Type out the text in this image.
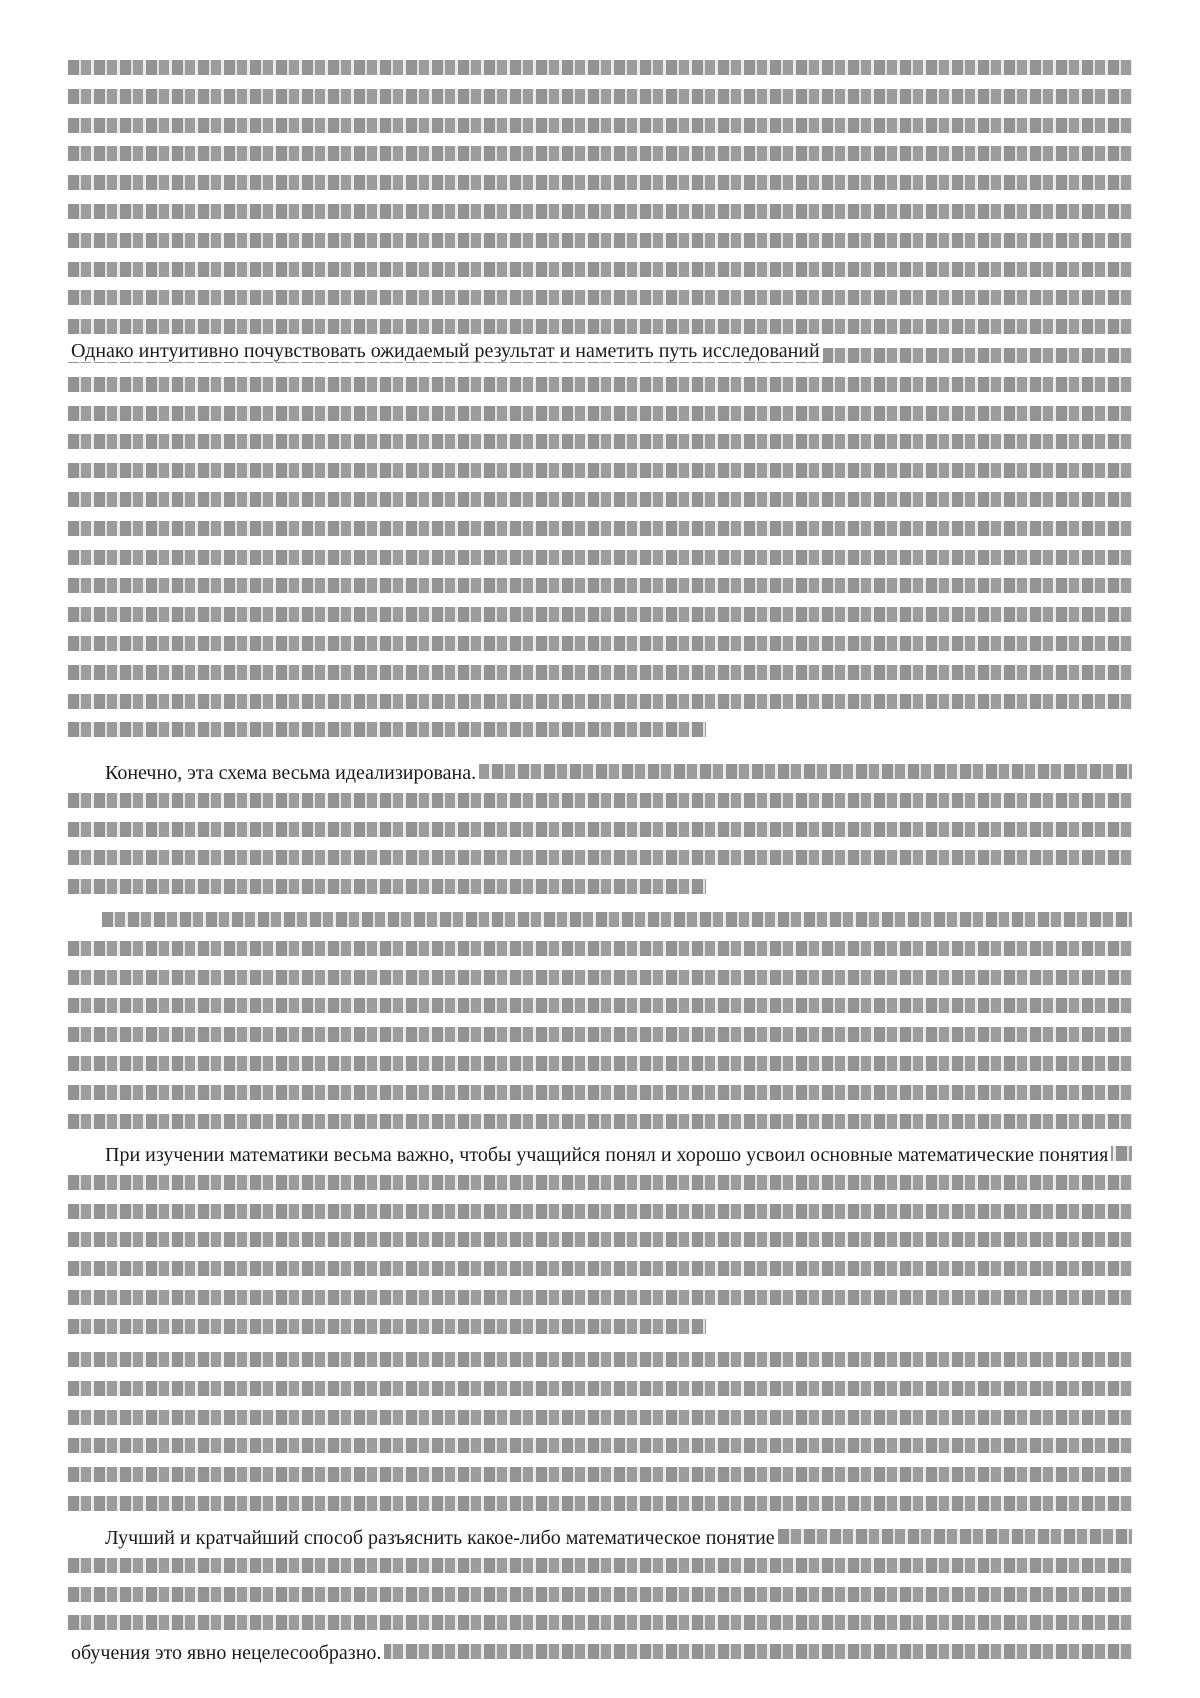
Однако интуитивно почувствовать ожидаемый результат и наметить путь исследований
Конечно, эта схема весьма идеализирована.
При изучении математики весьма важно, чтобы учащийся понял и хорошо усвоил основные математические понятия
Лучший и кратчайший способ разъяснить какое-либо математическое понятие
обучения это явно нецелесообразно.
